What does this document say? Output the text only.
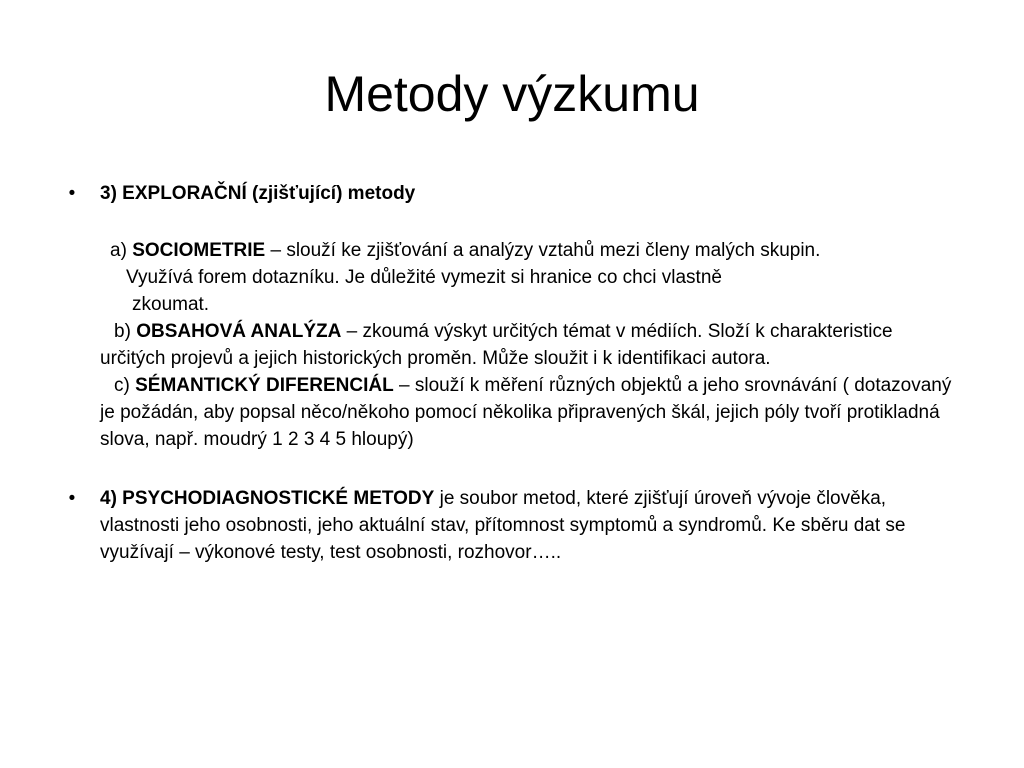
Metody výzkumu
•	3) EXPLORAČNÍ (zjišťující) metody
a) SOCIOMETRIE – slouží ke zjišťování a analýzy vztahů mezi členy malých skupin.
Využívá forem dotazníku. Je důležité vymezit si hranice co chci vlastně
zkoumat.
b) OBSAHOVÁ ANALÝZA – zkoumá výskyt určitých témat v médiích. Složí k charakteristice určitých projevů a jejich historických proměn. Může sloužit i k identifikaci autora.
c) SÉMANTICKÝ DIFERENCIÁL – slouží k měření různých objektů a jeho srovnávání ( dotazovaný je požádán, aby popsal něco/někoho pomocí několika připravených škál, jejich póly tvoří protikladná slova, např. moudrý 1 2 3 4 5 hloupý)
•	4) PSYCHODIAGNOSTICKÉ METODY je soubor metod, které zjišťují úroveň vývoje člověka, vlastnosti jeho osobnosti, jeho aktuální stav, přítomnost symptomů a syndromů. Ke sběru dat se využívají – výkonové testy, test osobnosti, rozhovor…..
